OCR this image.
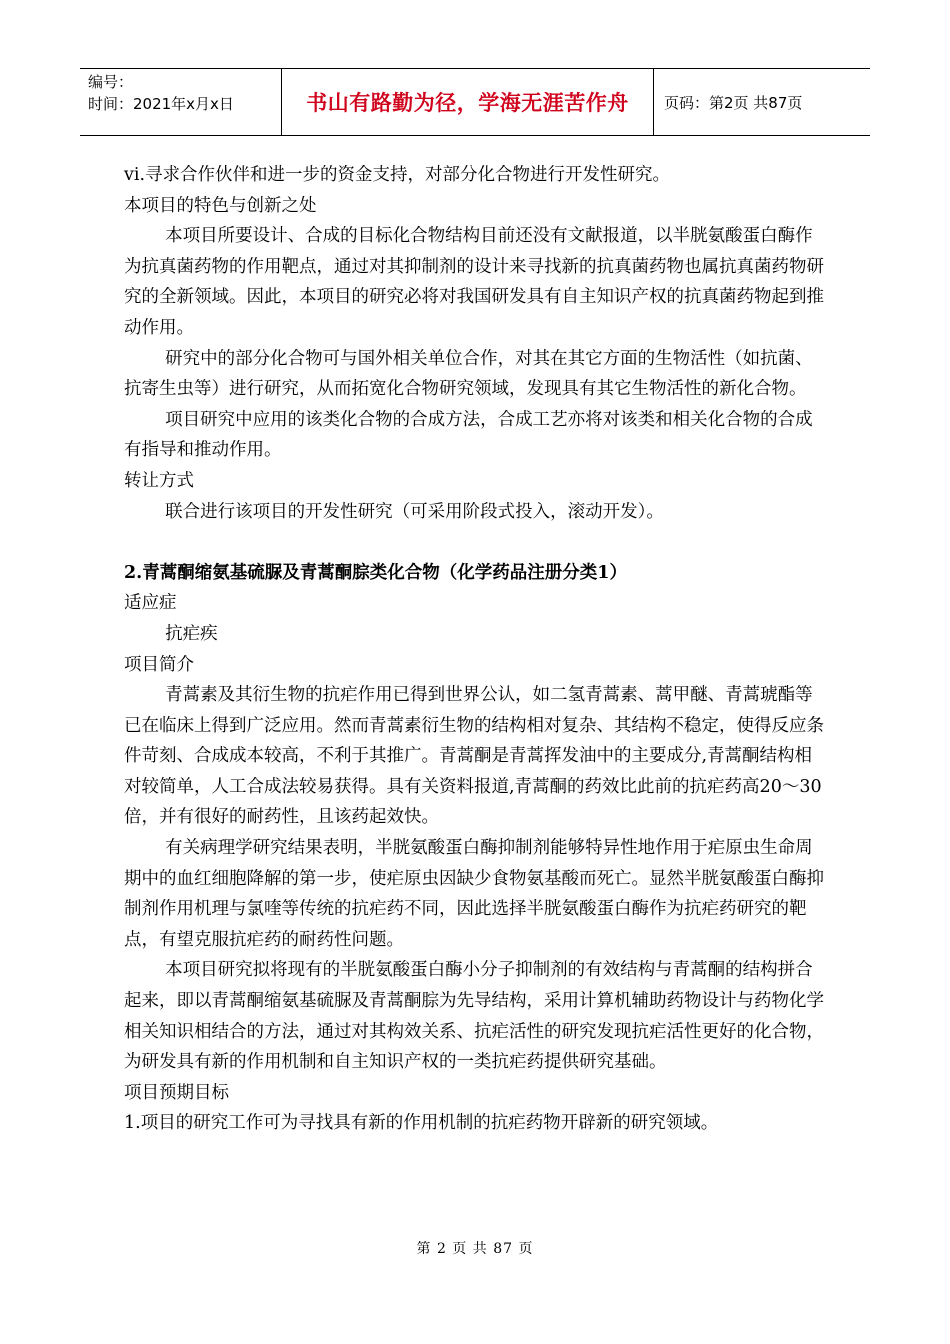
编号：
时间：2021年x月x日	书山有路勤为径，学海无涯苦作舟	页码：第2页 共87页

vi.寻求合作伙伴和进一步的资金支持，对部分化合物进行开发性研究。

本项目的特色与创新之处

本项目所要设计、合成的目标化合物结构目前还没有文献报道，以半胱氨酸蛋白酶作为抗真菌药物的作用靶点，通过对其抑制剂的设计来寻找新的抗真菌药物也属抗真菌药物研究的全新领域。因此，本项目的研究必将对我国研发具有自主知识产权的抗真菌药物起到推动作用。

研究中的部分化合物可与国外相关单位合作，对其在其它方面的生物活性（如抗菌、抗寄生虫等）进行研究，从而拓宽化合物研究领域，发现具有其它生物活性的新化合物。

项目研究中应用的该类化合物的合成方法，合成工艺亦将对该类和相关化合物的合成有指导和推动作用。

转让方式

联合进行该项目的开发性研究（可采用阶段式投入，滚动开发）。

2.青蒿酮缩氨基硫脲及青蒿酮腙类化合物（化学药品注册分类1）

适应症

抗疟疾

项目简介

青蒿素及其衍生物的抗疟作用已得到世界公认，如二氢青蒿素、蒿甲醚、青蒿琥酯等已在临床上得到广泛应用。然而青蒿素衍生物的结构相对复杂、其结构不稳定，使得反应条件苛刻、合成成本较高，不利于其推广。青蒿酮是青蒿挥发油中的主要成分,青蒿酮结构相对较简单，人工合成法较易获得。具有关资料报道,青蒿酮的药效比此前的抗疟药高20～30倍，并有很好的耐药性，且该药起效快。

有关病理学研究结果表明，半胱氨酸蛋白酶抑制剂能够特异性地作用于疟原虫生命周期中的血红细胞降解的第一步，使疟原虫因缺少食物氨基酸而死亡。显然半胱氨酸蛋白酶抑制剂作用机理与氯喹等传统的抗疟药不同，因此选择半胱氨酸蛋白酶作为抗疟药研究的靶点，有望克服抗疟药的耐药性问题。

本项目研究拟将现有的半胱氨酸蛋白酶小分子抑制剂的有效结构与青蒿酮的结构拼合起来，即以青蒿酮缩氨基硫脲及青蒿酮腙为先导结构，采用计算机辅助药物设计与药物化学相关知识相结合的方法，通过对其构效关系、抗疟活性的研究发现抗疟活性更好的化合物，为研发具有新的作用机制和自主知识产权的一类抗疟药提供研究基础。

项目预期目标

1.项目的研究工作可为寻找具有新的作用机制的抗疟药物开辟新的研究领域。

第 2 页 共 87 页
